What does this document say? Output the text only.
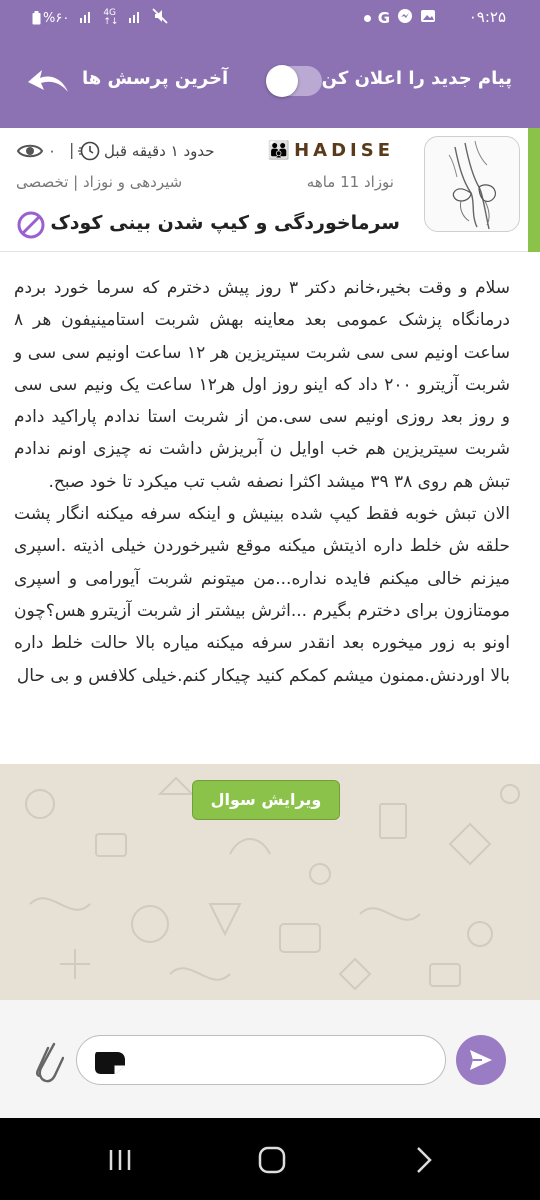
۰۹:۲۵
G
%۶۰	4G
↑↓
پیام جدید را اعلان کن
آخرین پرسش ها
👪 HADISE
نوزاد 11 ماهه
حدود ۱ دقیقه قبل
|
۰
شیردهی و نوزاد | تخصصی
سرماخوردگی و کیپ شدن بینی کودک

سلام و وقت بخیر،خانم دکتر ۳ روز پیش دخترم که سرما خورد بردم درمانگاه پزشک عمومی بعد معاینه بهش شربت استامینیفون هر ۸ ساعت اونیم سی سی شربت سیتریزین هر ۱۲ ساعت اونیم سی سی و شربت آزیترو ۲۰۰ داد که اینو روز اول هر۱۲ ساعت یک ونیم سی سی و روز بعد روزی اونیم سی سی.من از شربت استا ندادم پاراکید دادم شربت سیتریزین هم خب اوایل ن آبریزش داشت نه چیزی اونم ندادم تبش هم روی ۳۸ ۳۹ میشد اکثرا نصفه شب تب میکرد تا خود صبح.
الان تبش خوبه فقط کیپ شده بینیش و اینکه سرفه میکنه انگار پشت حلقه ش خلط داره اذیتش میکنه موقع شیرخوردن خیلی اذیته .اسپری میزنم خالی میکنم فایده نداره...من میتونم شربت آیورامی و اسپری مومتازون برای دخترم بگیرم ...اثرش بیشتر از شربت آزیترو هس؟چون اونو به زور میخوره بعد انقدر سرفه میکنه میاره بالا حالت خلط داره بالا اوردنش.ممنون میشم کمکم کنید چیکار کنم.خیلی کلافس و بی حال

ویرایش سوال
